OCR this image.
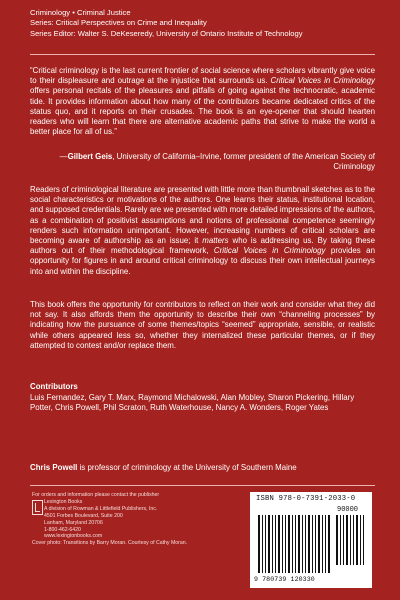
Criminology • Criminal Justice
Series: Critical Perspectives on Crime and Inequality
Series Editor: Walter S. DeKeseredy, University of Ontario Institute of Technology
“Critical criminology is the last current frontier of social science where scholars vibrantly give voice to their displeasure and outrage at the injustice that surrounds us. Critical Voices in Criminology offers personal recitals of the pleasures and pitfalls of going against the technocratic, academic tide. It provides information about how many of the contributors became dedicated critics of the status quo, and it reports on their crusades. The book is an eye-opener that should hearten readers who will learn that there are alternative academic paths that strive to make the world a better place for all of us.”
—Gilbert Geis, University of California–Irvine, former president of the American Society of Criminology
Readers of criminological literature are presented with little more than thumbnail sketches as to the social characteristics or motivations of the authors. One learns their status, institutional location, and supposed credentials. Rarely are we presented with more detailed impressions of the authors, as a combination of positivist assumptions and notions of professional competence seemingly renders such information unimportant. However, increasing numbers of critical scholars are becoming aware of authorship as an issue; it matters who is addressing us. By taking these authors out of their methodological framework, Critical Voices in Criminology provides an opportunity for figures in and around critical criminology to discuss their own intellectual journeys into and within the discipline.
This book offers the opportunity for contributors to reflect on their work and consider what they did not say. It also affords them the opportunity to describe their own “channeling processes” by indicating how the pursuance of some themes/topics “seemed” appropriate, sensible, or realistic while others appeared less so, whether they internalized these particular themes, or if they attempted to contest and/or replace them.
Contributors
Luis Fernandez, Gary T. Marx, Raymond Michalowski, Alan Mobley, Sharon Pickering, Hillary Potter, Chris Powell, Phil Scraton, Ruth Waterhouse, Nancy A. Wonders, Roger Yates
Chris Powell is professor of criminology at the University of Southern Maine
For orders and information please contact the publisher
Lexington Books
A division of Rowman & Littlefield Publishers, Inc.
4501 Forbes Boulevard, Suite 200
Lanham, Maryland 20706
1-800-462-6420
www.lexingtonbooks.com
Cover photo: Transitions by Barry Moran. Courtesy of Cathy Moran.
ISBN 978-0-7391-2033-0
90000
9 780739 120330
